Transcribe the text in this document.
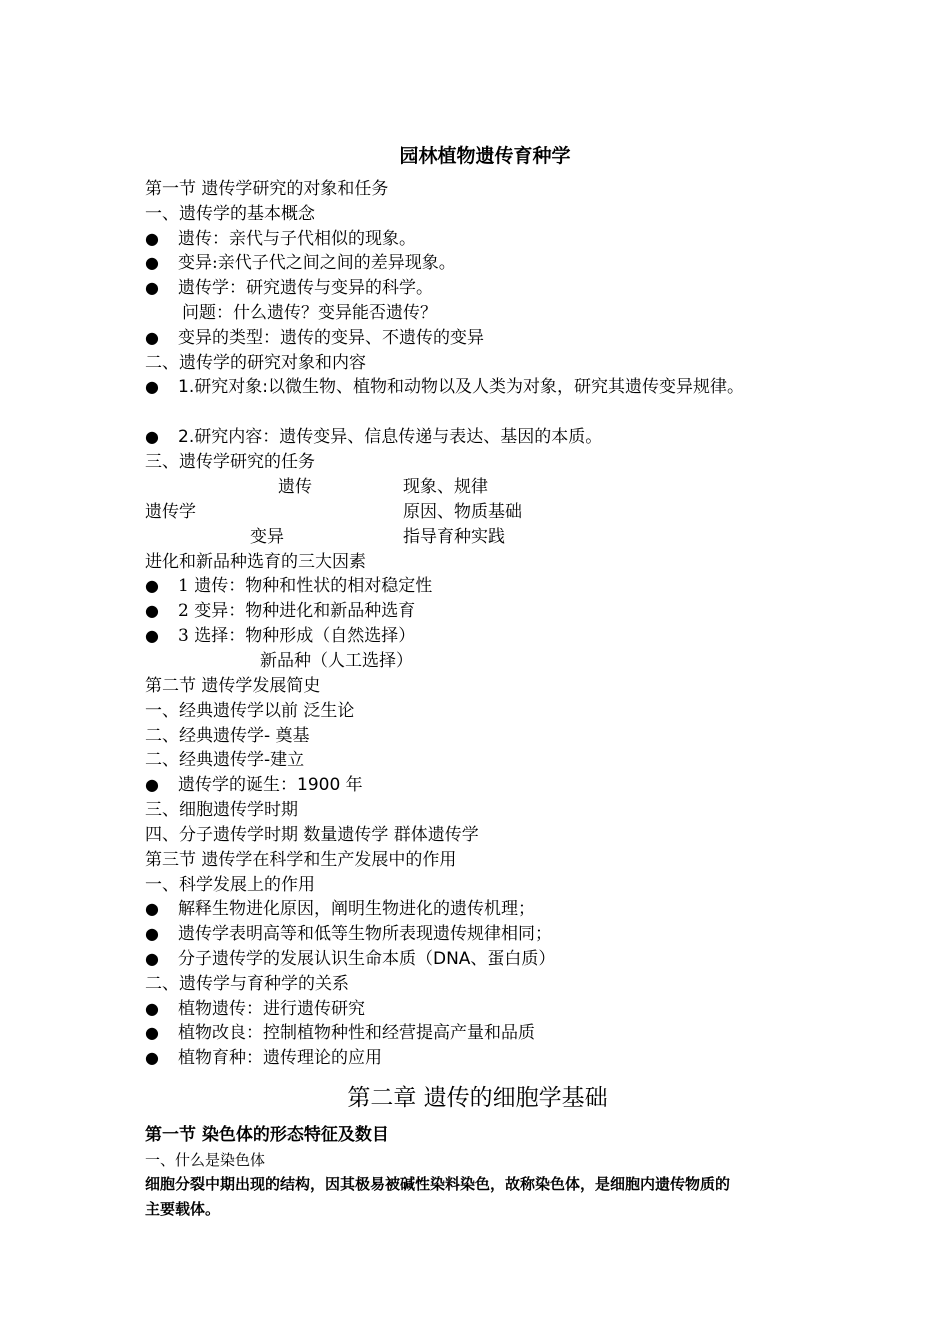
园林植物遗传育种学
第一节 遗传学研究的对象和任务
一、遗传学的基本概念
● 遗传：亲代与子代相似的现象。
● 变异:亲代子代之间之间的差异现象。
● 遗传学：研究遗传与变异的科学。
问题：什么遗传？变异能否遗传？
● 变异的类型：遗传的变异、不遗传的变异
二、遗传学的研究对象和内容
● 1.研究对象:以微生物、植物和动物以及人类为对象，研究其遗传变异规律。
● 2.研究内容：遗传变异、信息传递与表达、基因的本质。
三、遗传学研究的任务
遗传	现象、规律
遗传学	原因、物质基础
变异	指导育种实践
进化和新品种选育的三大因素
● 1 遗传：物种和性状的相对稳定性
● 2 变异：物种进化和新品种选育
● 3 选择：物种形成（自然选择）
新品种（人工选择）
第二节 遗传学发展简史
一、经典遗传学以前 泛生论
二、经典遗传学- 奠基
二、经典遗传学-建立
● 遗传学的诞生：1900 年
三、细胞遗传学时期
四、分子遗传学时期 数量遗传学 群体遗传学
第三节 遗传学在科学和生产发展中的作用
一、科学发展上的作用
● 解释生物进化原因，阐明生物进化的遗传机理；
● 遗传学表明高等和低等生物所表现遗传规律相同；
● 分子遗传学的发展认识生命本质（DNA、蛋白质）
二、遗传学与育种学的关系
● 植物遗传：进行遗传研究
● 植物改良：控制植物种性和经营提高产量和品质
● 植物育种：遗传理论的应用
第二章 遗传的细胞学基础
第一节 染色体的形态特征及数目
一、什么是染色体
细胞分裂中期出现的结构，因其极易被碱性染料染色，故称染色体，是细胞内遗传物质的
主要载体。
